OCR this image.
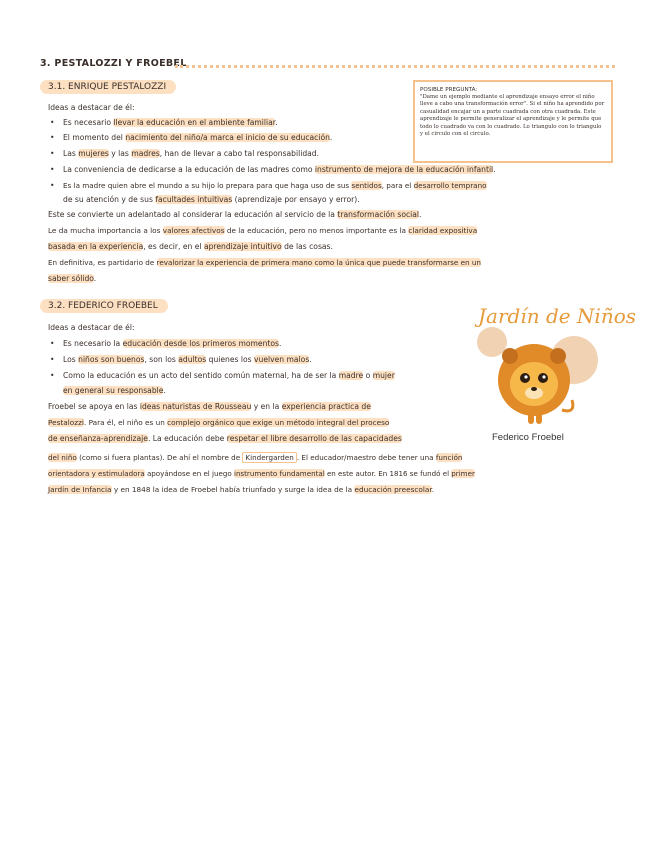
3. PESTALOZZI Y FROEBEL
3.1. ENRIQUE PESTALOZZI
Ideas a destacar de él:
• Es necesario llevar la educación en el ambiente familiar.
• El momento del nacimiento del niño/a marca el inicio de su educación.
• Las mujeres y las madres, han de llevar a cabo tal responsabilidad.
• La conveniencia de dedicarse a la educación de las madres como instrumento de mejora de la educación infantil.
• Es la madre quien abre el mundo a su hijo lo prepara para que haga uso de sus sentidos, para el desarrollo temprano
de su atención y de sus facultades intuitivas (aprendizaje por ensayo y error).
Este se convierte un adelantado al considerar la educación al servicio de la transformación social.
Le da mucha importancia a los valores afectivos de la educación, pero no menos importante es la claridad expositiva
basada en la experiencia, es decir, en el aprendizaje intuitivo de las cosas.
En definitiva, es partidario de revalorizar la experiencia de primera mano como la única que puede transformarse en un
saber sólido.
POSIBLE PREGUNTA:
"Dame un ejemplo mediante el aprendizaje ensayo error el niño lleve a cabo una transformación error". Si el niño ha aprendido por casualidad encajar un a parte cuadrada con otra cuadrada. Este aprendizaje le permite generalizar el aprendizaje y le permite que todo lo cuadrado va con lo cuadrado. Lo triangulo con lo triangulo y el circulo con el circulo.
3.2. FEDERICO FROEBEL
Ideas a destacar de él:
• Es necesario la educación desde los primeros momentos.
• Los niños son buenos, son los adultos quienes los vuelven malos.
• Como la educación es un acto del sentido común maternal, ha de ser la madre o mujer
en general su responsable.
Froebel se apoya en las ideas naturistas de Rousseau y en la experiencia practica de
Pestalozzi. Para él, el niño es un complejo orgánico que exige un método integral del proceso
de enseñanza-aprendizaje. La educación debe respetar el libre desarrollo de las capacidades
del niño (como si fuera plantas). De ahí el nombre de Kindergarden . El educador/maestro debe tener una función
orientadora y estimuladora apoyándose en el juego instrumento fundamental en este autor. En 1816 se fundó el primer
Jardín de Infancia y en 1848 la idea de Froebel había triunfado y surge la idea de la educación preescolar.
Jardín de Niños
Federico Froebel
